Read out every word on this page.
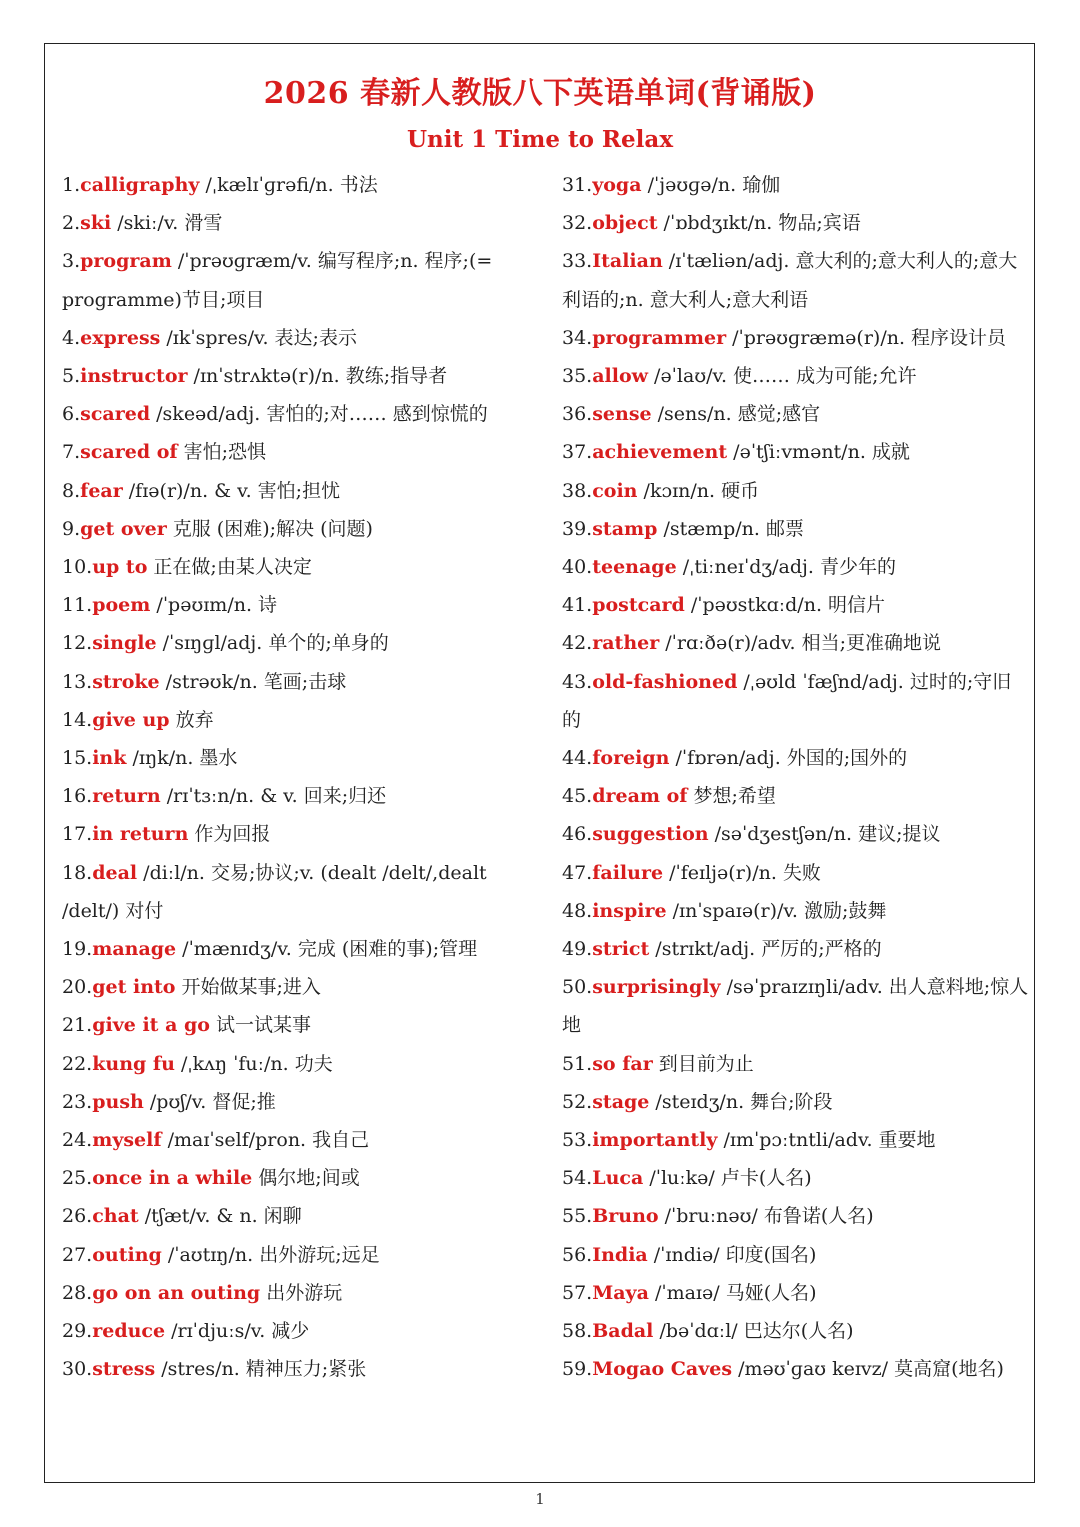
2026 春新人教版八下英语单词(背诵版)
Unit 1 Time to Relax
1.calligraphy /ˌkælɪˈɡrəfi/n. 书法
2.ski /skiː/v. 滑雪
3.program /ˈprəʊɡræm/v. 编写程序;n. 程序;(= programme)节目;项目
4.express /ɪkˈspres/v. 表达;表示
5.instructor /ɪnˈstrʌktə(r)/n. 教练;指导者
6.scared /skeəd/adj. 害怕的;对…… 感到惊慌的
7.scared of 害怕;恐惧
8.fear /fɪə(r)/n. & v. 害怕;担忧
9.get over 克服 (困难);解决 (问题)
10.up to 正在做;由某人决定
11.poem /ˈpəʊɪm/n. 诗
12.single /ˈsɪŋɡl/adj. 单个的;单身的
13.stroke /strəʊk/n. 笔画;击球
14.give up 放弃
15.ink /ɪŋk/n. 墨水
16.return /rɪˈtɜːn/n. & v. 回来;归还
17.in return 作为回报
18.deal /diːl/n. 交易;协议;v. (dealt /delt/,dealt /delt/) 对付
19.manage /ˈmænɪdʒ/v. 完成 (困难的事);管理
20.get into 开始做某事;进入
21.give it a go 试一试某事
22.kung fu /ˌkʌŋ ˈfuː/n. 功夫
23.push /pʊʃ/v. 督促;推
24.myself /maɪˈself/pron. 我自己
25.once in a while 偶尔地;间或
26.chat /tʃæt/v. & n. 闲聊
27.outing /ˈaʊtɪŋ/n. 出外游玩;远足
28.go on an outing 出外游玩
29.reduce /rɪˈdjuːs/v. 减少
30.stress /stres/n. 精神压力;紧张
31.yoga /ˈjəʊɡə/n. 瑜伽
32.object /ˈɒbdʒɪkt/n. 物品;宾语
33.Italian /ɪˈtæliən/adj. 意大利的;意大利人的;意大利语的;n. 意大利人;意大利语
34.programmer /ˈprəʊɡræmə(r)/n. 程序设计员
35.allow /əˈlaʊ/v. 使…… 成为可能;允许
36.sense /sens/n. 感觉;感官
37.achievement /əˈtʃiːvmənt/n. 成就
38.coin /kɔɪn/n. 硬币
39.stamp /stæmp/n. 邮票
40.teenage /ˌtiːneɪˈdʒ/adj. 青少年的
41.postcard /ˈpəʊstkɑːd/n. 明信片
42.rather /ˈrɑːðə(r)/adv. 相当;更准确地说
43.old-fashioned /ˌəʊld ˈfæʃnd/adj. 过时的;守旧的
44.foreign /ˈfɒrən/adj. 外国的;国外的
45.dream of 梦想;希望
46.suggestion /səˈdʒestʃən/n. 建议;提议
47.failure /ˈfeɪljə(r)/n. 失败
48.inspire /ɪnˈspaɪə(r)/v. 激励;鼓舞
49.strict /strɪkt/adj. 严厉的;严格的
50.surprisingly /səˈpraɪzɪŋli/adv. 出人意料地;惊人地
51.so far 到目前为止
52.stage /steɪdʒ/n. 舞台;阶段
53.importantly /ɪmˈpɔːtntli/adv. 重要地
54.Luca /ˈluːkə/ 卢卡(人名)
55.Bruno /ˈbruːnəʊ/ 布鲁诺(人名)
56.India /ˈɪndiə/ 印度(国名)
57.Maya /ˈmaɪə/ 马娅(人名)
58.Badal /bəˈdɑːl/ 巴达尔(人名)
59.Mogao Caves /məʊˈɡaʊ keɪvz/ 莫高窟(地名)
1
